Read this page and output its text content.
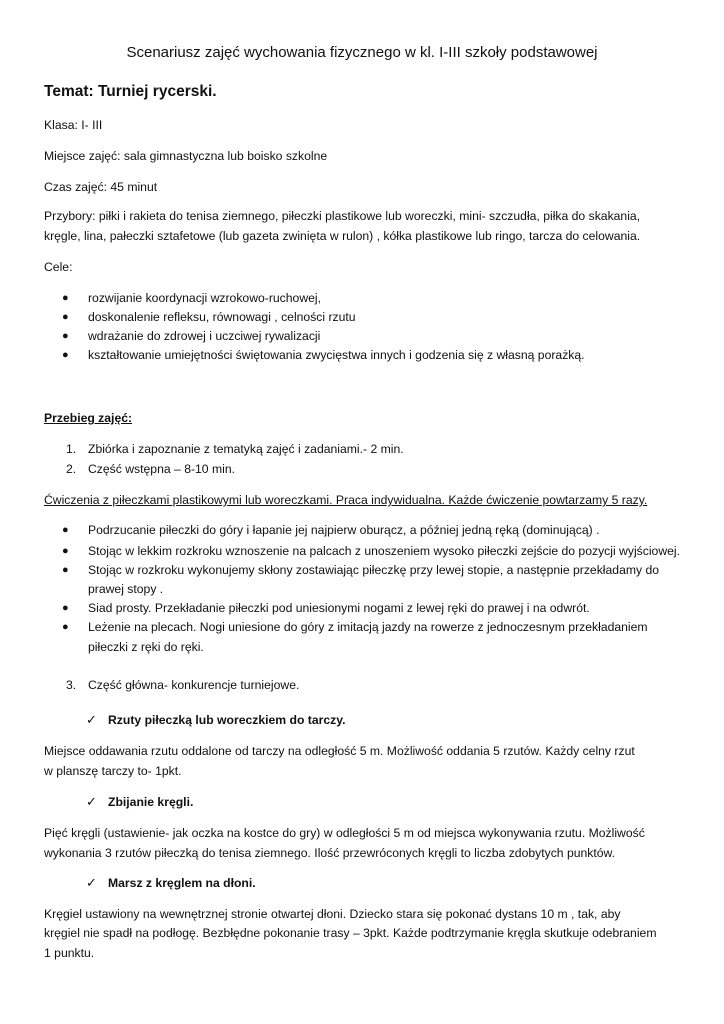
Scenariusz zajęć wychowania fizycznego w kl. I-III szkoły podstawowej
Temat: Turniej rycerski.
Klasa: I- III
Miejsce zajęć: sala gimnastyczna lub boisko szkolne
Czas zajęć: 45 minut
Przybory: piłki i rakieta do tenisa ziemnego, piłeczki plastikowe lub woreczki, mini- szczudła, piłka do skakania,
kręgle, lina, pałeczki sztafetowe (lub gazeta zwinięta w rulon) , kółka plastikowe lub ringo, tarcza do celowania.
Cele:
● rozwijanie koordynacji wzrokowo-ruchowej,
● doskonalenie refleksu, równowagi , celności rzutu
● wdrażanie do zdrowej i uczciwej rywalizacji
● kształtowanie umiejętności świętowania zwycięstwa innych i godzenia się z własną porażką.
Przebieg zajęć:
1. Zbiórka i zapoznanie z tematyką zajęć i zadaniami.- 2 min.
2. Część wstępna – 8-10 min.
Ćwiczenia z piłeczkami plastikowymi lub woreczkami. Praca indywidualna. Każde ćwiczenie powtarzamy 5 razy.
● Podrzucanie piłeczki do góry i łapanie jej najpierw oburącz, a później jedną ręką (dominującą) .
● Stojąc w lekkim rozkroku wznoszenie na palcach z unoszeniem wysoko piłeczki zejście do pozycji wyjściowej.
● Stojąc w rozkroku wykonujemy skłony zostawiając piłeczkę przy lewej stopie, a następnie przekładamy do
prawej stopy .
● Siad prosty. Przekładanie piłeczki pod uniesionymi nogami z lewej ręki do prawej i na odwrót.
● Leżenie na plecach. Nogi uniesione do góry z imitacją jazdy na rowerze z jednoczesnym przekładaniem
piłeczki z ręki do ręki.
3. Część główna- konkurencje turniejowe.
✓ Rzuty piłeczką lub woreczkiem do tarczy.
Miejsce oddawania rzutu oddalone od tarczy na odległość 5 m. Możliwość oddania 5 rzutów. Każdy celny rzut
w planszę tarczy to- 1pkt.
✓ Zbijanie kręgli.
Pięć kręgli (ustawienie- jak oczka na kostce do gry) w odległości 5 m od miejsca wykonywania rzutu. Możliwość
wykonania 3 rzutów piłeczką do tenisa ziemnego. Ilość przewróconych kręgli to liczba zdobytych punktów.
✓ Marsz z kręglem na dłoni.
Kręgiel ustawiony na wewnętrznej stronie otwartej dłoni. Dziecko stara się pokonać dystans 10 m , tak, aby
kręgiel nie spadł na podłogę. Bezbłędne pokonanie trasy – 3pkt. Każde podtrzymanie kręgla skutkuje odebraniem
1 punktu.
